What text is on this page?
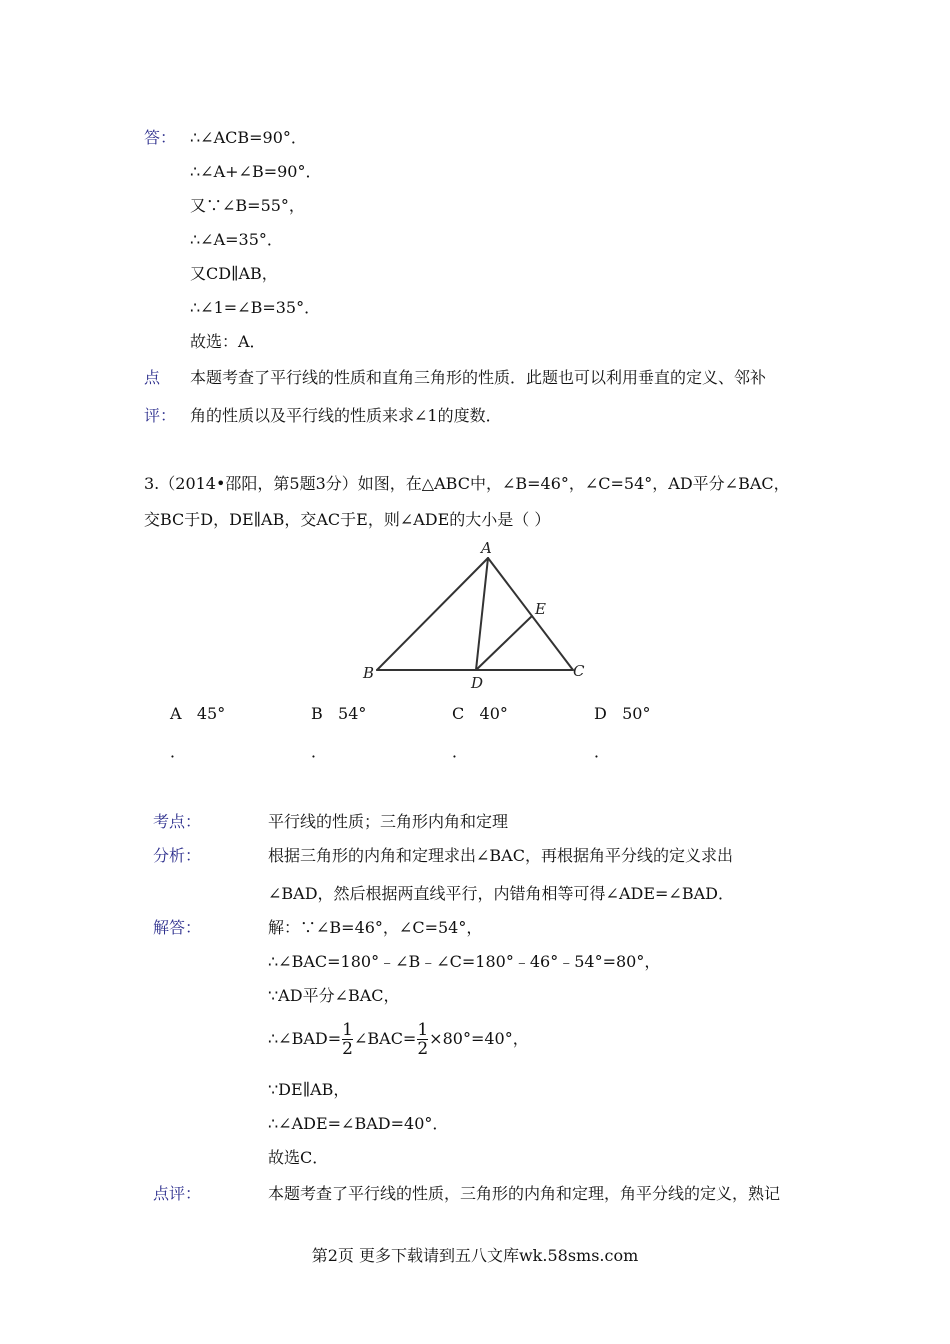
答： ∴∠ACB=90°．
∴∠A+∠B=90°．
又∵∠B=55°，
∴∠A=35°．
又CD∥AB，
∴∠1=∠B=35°．
故选：A．
点
评：
本题考查了平行线的性质和直角三角形的性质．此题也可以利用垂直的定义、邻补
角的性质以及平行线的性质来求∠1的度数．
3.（2014•邵阳，第5题3分）如图，在△ABC中，∠B=46°，∠C=54°，AD平分∠BAC，
交BC于D，DE∥AB，交AC于E，则∠ADE的大小是（ ）
A
B	C
D
E
A 45°
．
B 54°
．
C 40°
．
D 50°
．
考点：
分析：
解答：
点评：
平行线的性质；三角形内角和定理
根据三角形的内角和定理求出∠BAC，再根据角平分线的定义求出
∠BAD，然后根据两直线平行，内错角相等可得∠ADE=∠BAD．
解：∵∠B=46°，∠C=54°，
∴∠BAC=180°﹣∠B﹣∠C=180°﹣46°﹣54°=80°，
∵AD平分∠BAC，
∴∠BAD= $\frac{1}{2}$ ∠BAC= $\frac{1}{2} \times 80^\circ=40^\circ$，
∵DE∥AB，
∴∠ADE=∠BAD=40°．
故选C．
本题考查了平行线的性质，三角形的内角和定理，角平分线的定义，熟记
第2页 更多下载请到五八文库wk.58sms.com
